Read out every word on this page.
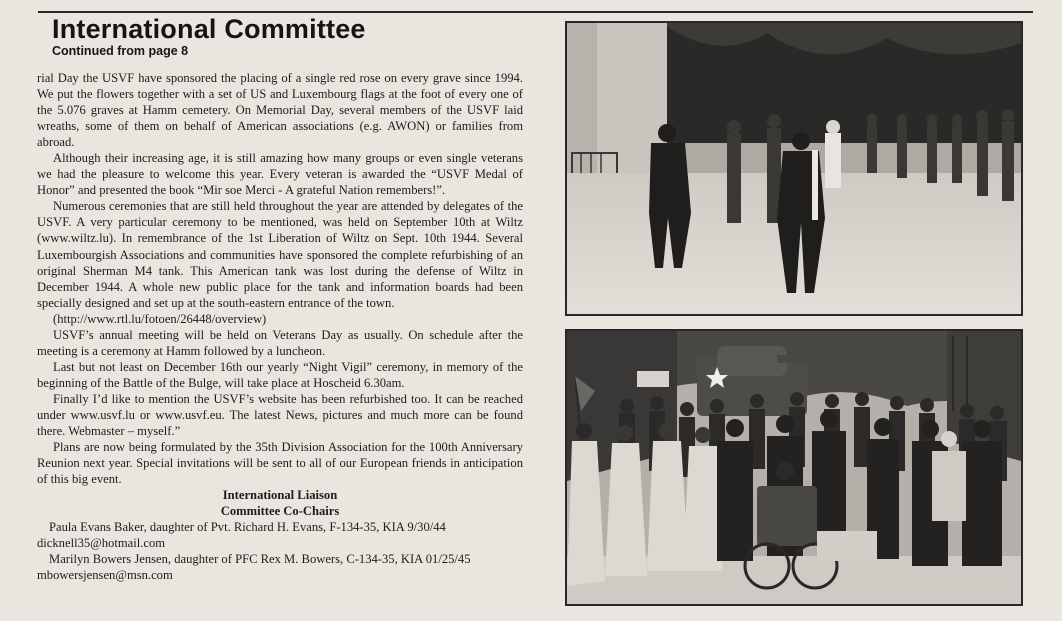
International Committee
Continued from page 8

rial Day the USVF have sponsored the placing of a single red rose on every grave since 1994. We put the flowers together with a set of US and Luxembourg flags at the foot of every one of the 5.076 graves at Hamm cemetery. On Memorial Day, several members of the USVF laid wreaths, some of them on behalf of American associations (e.g. AWON) or families from abroad.

Although their increasing age, it is still amazing how many groups or even single veterans we had the pleasure to welcome this year. Every veteran is awarded the “USVF Medal of Honor” and presented the book “Mir soe Merci - A grateful Nation remembers!”.

Numerous ceremonies that are still held throughout the year are attended by delegates of the USVF. A very particular ceremony to be mentioned, was held on September 10th at Wiltz (www.wiltz.lu). In remembrance of the 1st Liberation of Wiltz on Sept. 10th 1944. Several Luxembourgish Associations and communities have sponsored the complete refurbishing of an original Sherman M4 tank. This American tank was lost during the defense of Wiltz in December 1944. A whole new public place for the tank and information boards had been specially designed and set up at the south-eastern entrance of the town.

(http://www.rtl.lu/fotoen/26448/overview)

USVF’s annual meeting will be held on Veterans Day as usually. On schedule after the meeting is a ceremony at Hamm followed by a luncheon.

Last but not least on December 16th our yearly “Night Vigil” ceremony, in memory of the beginning of the Battle of the Bulge, will take place at Hoscheid 6.30am.

Finally I’d like to mention the USVF’s website has been refurbished too. It can be reached under www.usvf.lu or www.usvf.eu. The latest News, pictures and much more can be found there. Webmaster – myself.”

Plans are now being formulated by the 35th Division Association for the 100th Anniversary Reunion next year. Special invitations will be sent to all of our European friends in anticipation of this big event.

International Liaison

Committee Co-Chairs

Paula Evans Baker, daughter of Pvt. Richard H. Evans, F-134-35, KIA 9/30/44

dicknell35@hotmail.com

Marilyn Bowers Jensen, daughter of PFC Rex M. Bowers, C-134-35, KIA 01/25/45

mbowersjensen@msn.com
